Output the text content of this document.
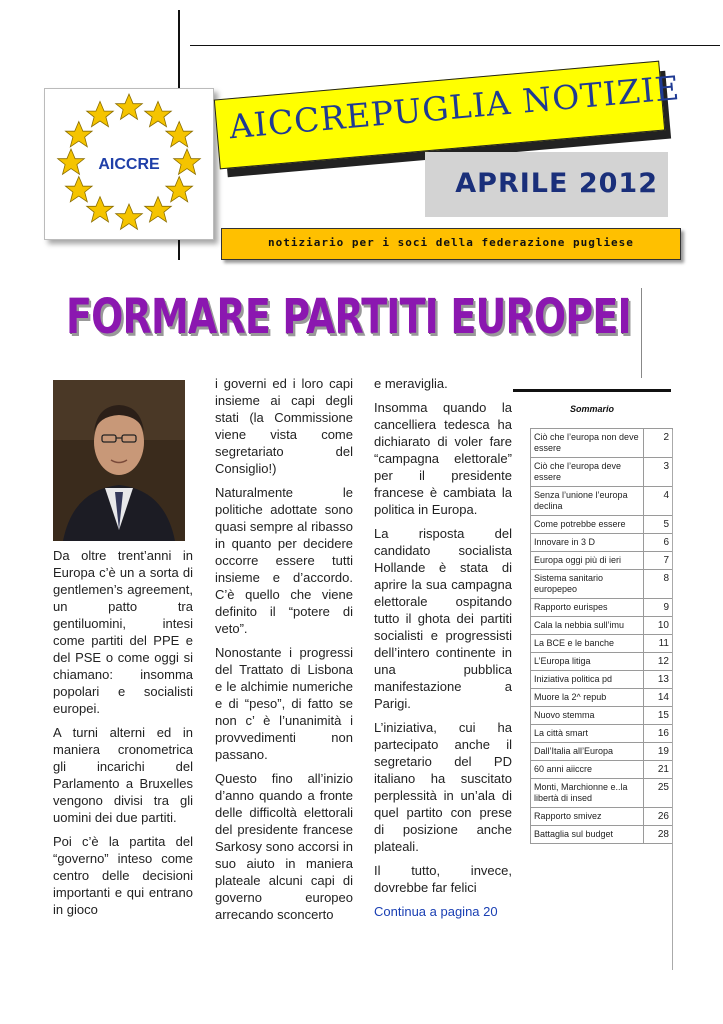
AICCRE
AICCREPUGLIA NOTIZIE
APRILE 2012
notiziario per i soci della federazione pugliese
FORMARE PARTITI EUROPEI

Da oltre trent’anni in Europa c’è un a sorta di gentlemen’s agreement, un patto tra gentiluomini, intesi come partiti del PPE e del PSE o come oggi si chiamano: insomma popolari e socialisti europei.

A turni alterni ed in maniera cronometrica gli incarichi del Parlamento a Bruxelles vengono divisi tra gli uomini dei due partiti.

Poi c’è la partita del “governo” inteso come centro delle decisioni importanti e qui entrano in gioco

i governi ed i loro capi insieme ai capi degli stati (la Commissione viene vista come segretariato del Consiglio!)

Naturalmente le politiche adottate sono quasi sempre al ribasso in quanto per decidere occorre essere tutti insieme e d’accordo. C’è quello che viene definito il “potere di veto”.

Nonostante i progressi del Trattato di Lisbona e le alchimie numeriche e di “peso”, di fatto se non c’ è l’unanimità i provvedimenti non passano.

Questo fino all’inizio d’anno quando a fronte delle difficoltà elettorali del presidente francese Sarkosy sono accorsi in suo aiuto in maniera plateale alcuni capi di governo europeo arrecando sconcerto

e meraviglia.

Insomma quando la cancelliera tedesca ha dichiarato di voler fare “campagna elettorale” per il presidente francese è cambiata la politica in Europa.

La risposta del candidato socialista Hollande è stata di aprire la sua campagna elettorale ospitando tutto il ghota dei partiti socialisti e progressisti dell’intero continente in una pubblica manifestazione a Parigi.

L’iniziativa, cui ha partecipato anche il segretario del PD italiano ha suscitato perplessità in un’ala di quel partito con prese di posizione anche plateali.

Il tutto, invece, dovrebbe far felici

Continua a pagina 20

Sommario
Ciò che l’europa non deve essere	2
Ciò che l’europa deve essere	3
Senza l’unione l’europa declina	4
Come potrebbe essere	5
Innovare in 3 D	6
Europa oggi più di ieri	7
Sistema sanitario europepeo	8
Rapporto eurispes	9
Cala la nebbia sull’imu	10
La BCE e le banche	11
L’Europa litiga	12
Iniziativa politica pd	13
Muore la 2^ repub	14
Nuovo stemma	15
La città smart	16
Dall’Italia all’Europa	19
60 anni aiiccre	21
Monti, Marchionne e..la libertà di insed	25
Rapporto smivez	26
Battaglia sul budget	28
